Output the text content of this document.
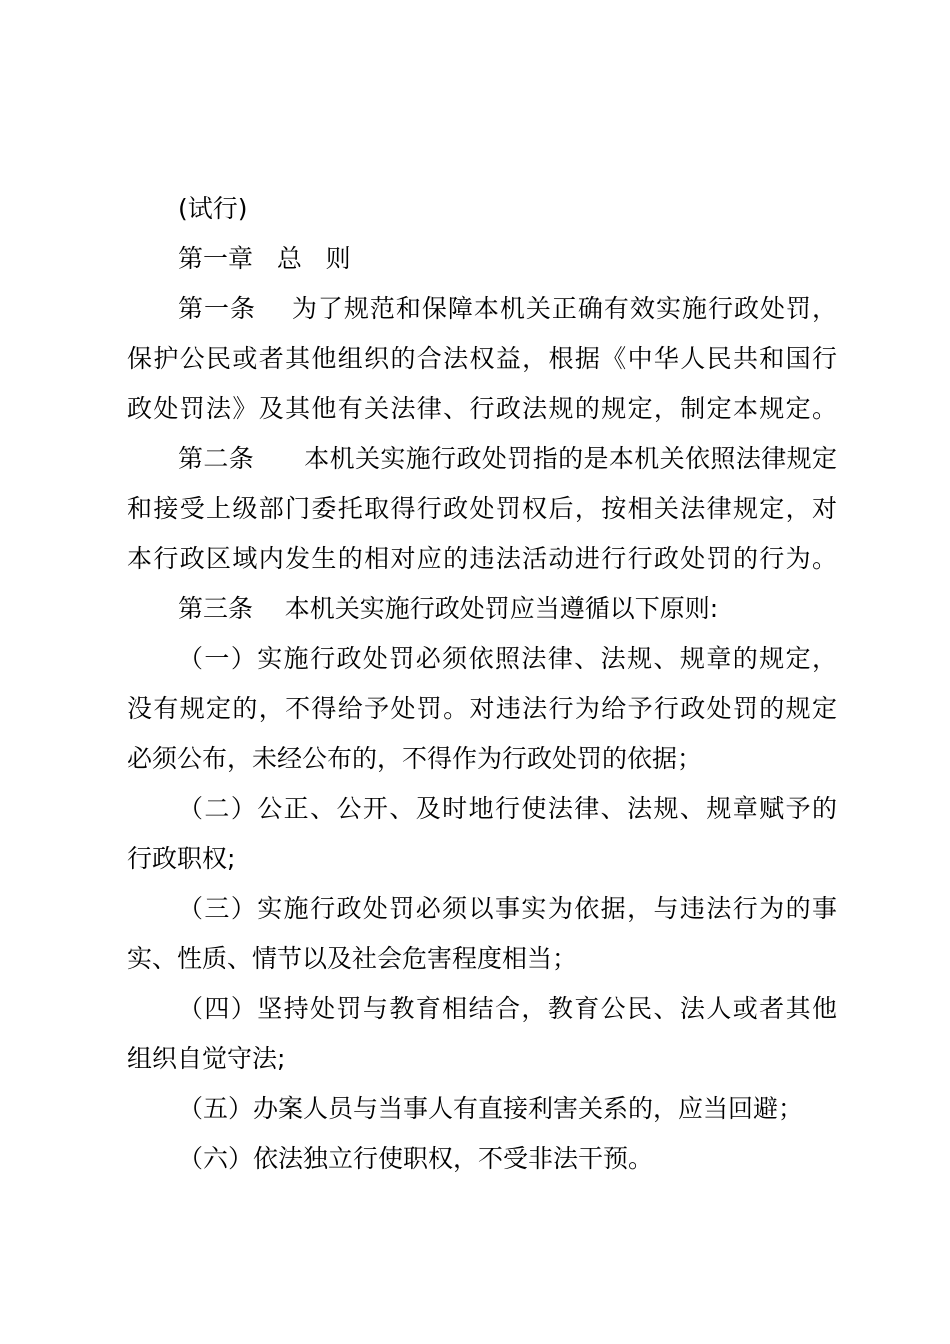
(试行)
第一章   总   则
第一条    为了规范和保障本机关正确有效实施行政处罚，
保护公民或者其他组织的合法权益，根据《中华人民共和国行
政处罚法》及其他有关法律、行政法规的规定，制定本规定。
第二条      本机关实施行政处罚指的是本机关依照法律规定
和接受上级部门委托取得行政处罚权后，按相关法律规定，对
本行政区域内发生的相对应的违法活动进行行政处罚的行为。
第三条    本机关实施行政处罚应当遵循以下原则:
（一）实施行政处罚必须依照法律、法规、规章的规定，
没有规定的，不得给予处罚。对违法行为给予行政处罚的规定
必须公布，未经公布的，不得作为行政处罚的依据；
（二）公正、公开、及时地行使法律、法规、规章赋予的
行政职权;
（三）实施行政处罚必须以事实为依据，与违法行为的事
实、性质、情节以及社会危害程度相当；
（四）坚持处罚与教育相结合，教育公民、法人或者其他
组织自觉守法;
（五）办案人员与当事人有直接利害关系的，应当回避；
（六）依法独立行使职权，不受非法干预。
